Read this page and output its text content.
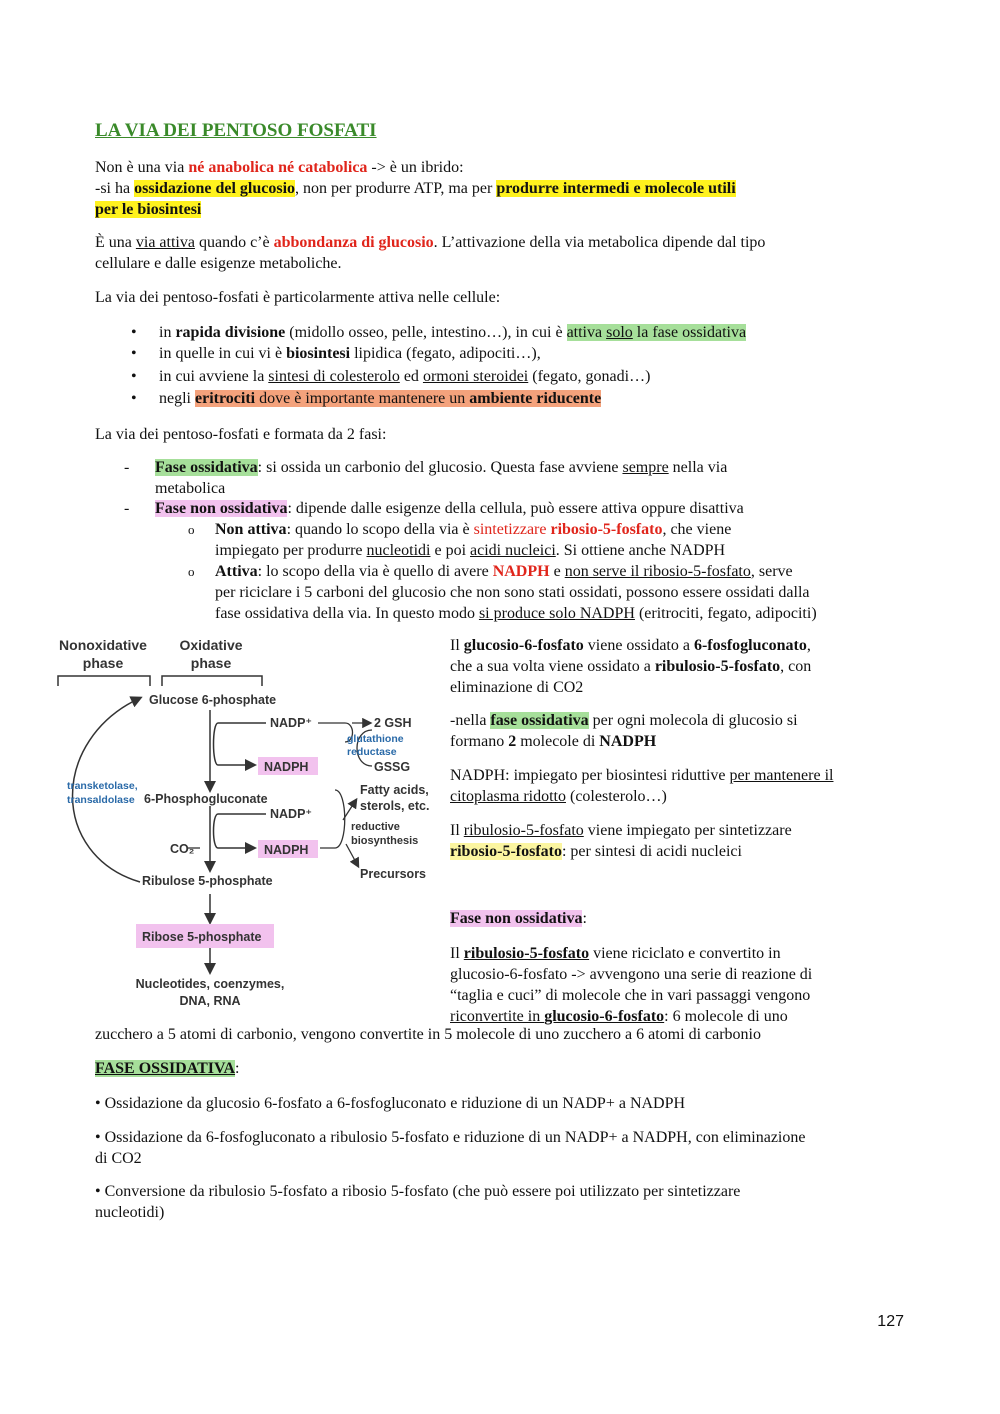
LA VIA DEI PENTOSO FOSFATI

Non è una via né anabolica né catabolica -> è un ibrido:

-si ha ossidazione del glucosio, non per produrre ATP, ma per produrre intermedi e molecole utili

per le biosintesi

È una via attiva quando c’è abbondanza di glucosio. L’attivazione della via metabolica dipende dal tipo

cellulare e dalle esigenze metaboliche.

La via dei pentoso-fosfati è particolarmente attiva nelle cellule:
• in rapida divisione (midollo osseo, pelle, intestino…), in cui è attiva solo la fase ossidativa
• in quelle in cui vi è biosintesi lipidica (fegato, adipociti…),
• in cui avviene la sintesi di colesterolo ed ormoni steroidei (fegato, gonadi…)
• negli eritrociti dove è importante mantenere un ambiente riducente
La via dei pentoso-fosfati e formata da 2 fasi:
- Fase ossidativa: si ossida un carbonio del glucosio. Questa fase avviene sempre nella via
metabolica
- Fase non ossidativa: dipende dalle esigenze della cellula, può essere attiva oppure disattiva
o Non attiva: quando lo scopo della via è sintetizzare ribosio-5-fosfato, che viene
impiegato per produrre nucleotidi e poi acidi nucleici. Si ottiene anche NADPH
o Attiva: lo scopo della via è quello di avere NADPH e non serve il ribosio-5-fosfato, serve
per riciclare i 5 carboni del glucosio che non sono stati ossidati, possono essere ossidati dalla
fase ossidativa della via. In questo modo si produce solo NADPH (eritrociti, fegato, adipociti)
Nonoxidative
phase
Oxidative
phase
Glucose 6-phosphate
NADP⁺
NADPH
2 GSH
GSSG
6-Phosphogluconate
Fatty acids,
sterols, etc.
NADP⁺
CO₂	NADPH
Ribulose 5-phosphate	Precursors
Ribose 5-phosphate
Nucleotides, coenzymes,
DNA, RNA
glutathione
reductase
transketolase,
transaldolase
reductive
biosynthesis

Il glucosio-6-fosfato viene ossidato a 6-fosfogluconato,
che a sua volta viene ossidato a ribulosio-5-fosfato, con
eliminazione di CO2

-nella fase ossidativa per ogni molecola di glucosio si
formano 2 molecole di NADPH

NADPH: impiegato per biosintesi riduttive per mantenere il
citoplasma ridotto (colesterolo…)

Il ribulosio-5-fosfato viene impiegato per sintetizzare
ribosio-5-fosfato: per sintesi di acidi nucleici

Fase non ossidativa:

Il ribulosio-5-fosfato viene riciclato e convertito in
glucosio-6-fosfato -> avvengono una serie di reazione di
“taglia e cuci” di molecole che in vari passaggi vengono
riconvertite in glucosio-6-fosfato: 6 molecole di uno

zucchero a 5 atomi di carbonio, vengono convertite in 5 molecole di uno zucchero a 6 atomi di carbonio
FASE OSSIDATIVA:
• Ossidazione da glucosio 6-fosfato a 6-fosfogluconato e riduzione di un NADP+ a NADPH
• Ossidazione da 6-fosfogluconato a ribulosio 5-fosfato e riduzione di un NADP+ a NADPH, con eliminazione
di CO2
• Conversione da ribulosio 5-fosfato a ribosio 5-fosfato (che può essere poi utilizzato per sintetizzare
nucleotidi)
127
